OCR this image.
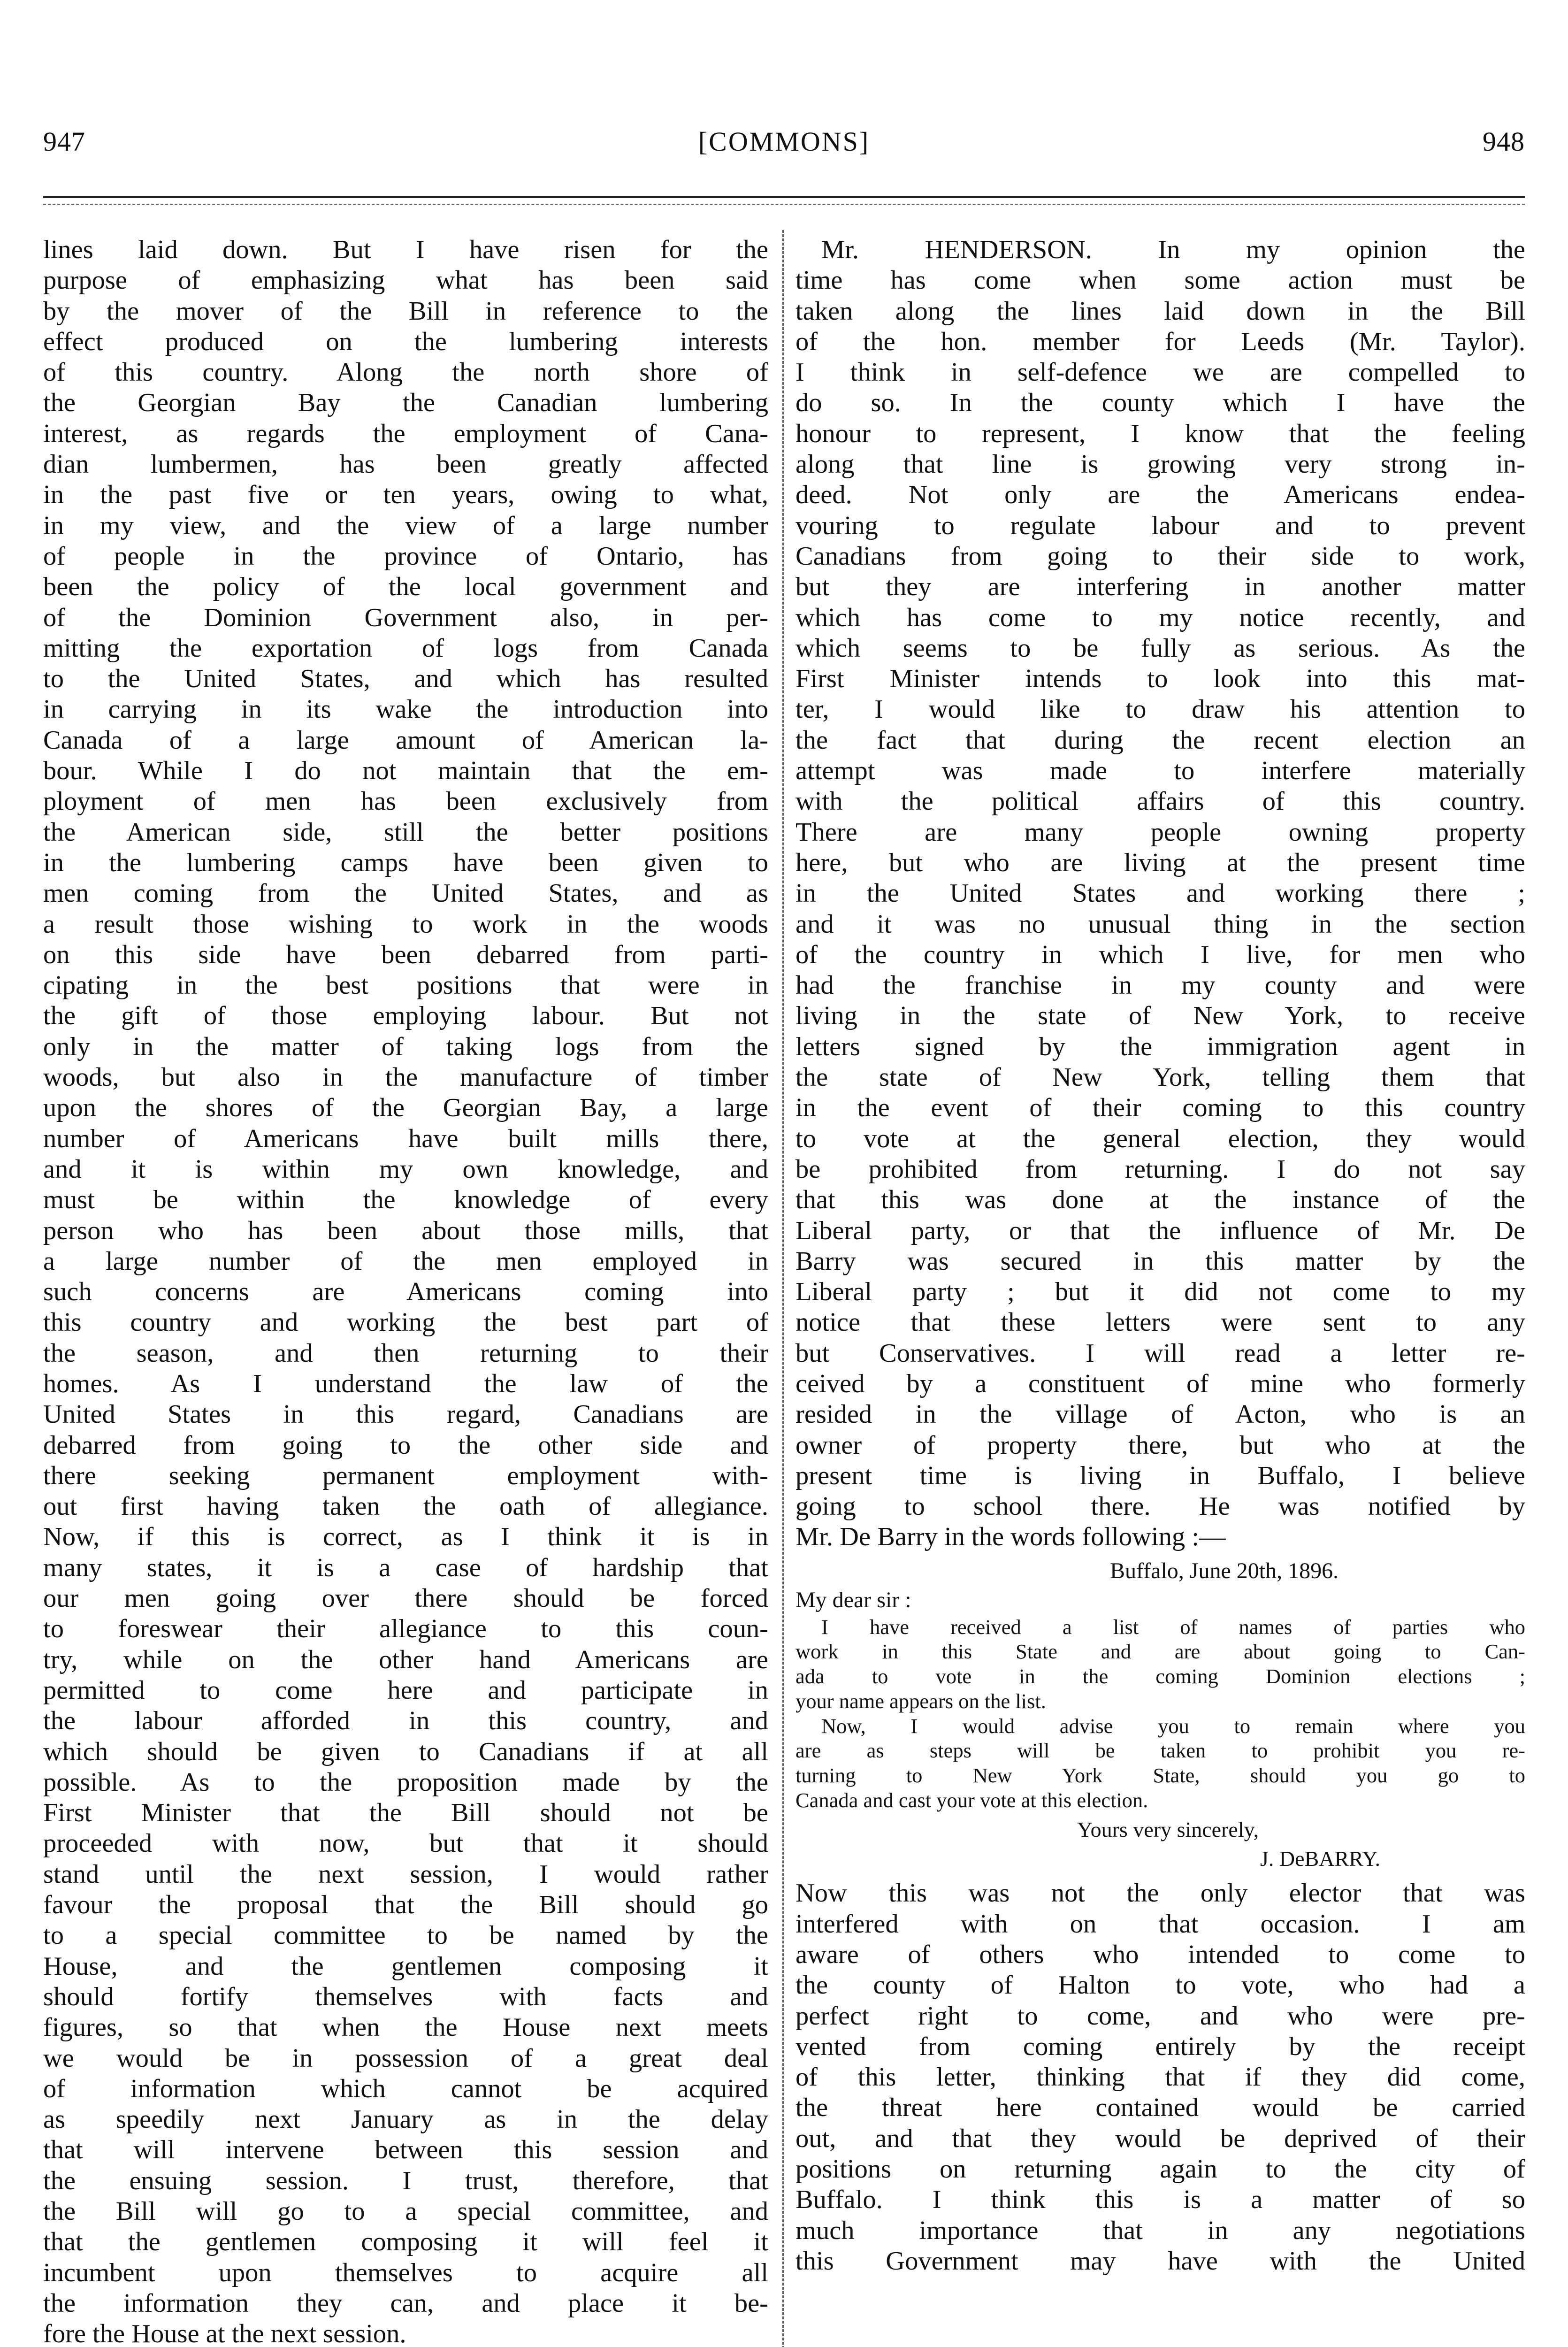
947	[COMMONS]	948

lines laid down. But I have risen for the

purpose of emphasizing what has been said

by the mover of the Bill in reference to the

effect produced on the lumbering interests

of this country. Along the north shore of

the Georgian Bay the Canadian lumbering

interest, as regards the employment of Cana-

dian lumbermen, has been greatly affected

in the past five or ten years, owing to what,

in my view, and the view of a large number

of people in the province of Ontario, has

been the policy of the local government and

of the Dominion Government also, in per-

mitting the exportation of logs from Canada

to the United States, and which has resulted

in carrying in its wake the introduction into

Canada of a large amount of American la-

bour. While I do not maintain that the em-

ployment of men has been exclusively from

the American side, still the better positions

in the lumbering camps have been given to

men coming from the United States, and as

a result those wishing to work in the woods

on this side have been debarred from parti-

cipating in the best positions that were in

the gift of those employing labour. But not

only in the matter of taking logs from the

woods, but also in the manufacture of timber

upon the shores of the Georgian Bay, a large

number of Americans have built mills there,

and it is within my own knowledge, and

must be within the knowledge of every

person who has been about those mills, that

a large number of the men employed in

such concerns are Americans coming into

this country and working the best part of

the season, and then returning to their

homes. As I understand the law of the

United States in this regard, Canadians are

debarred from going to the other side and

there seeking permanent employment with-

out first having taken the oath of allegiance.

Now, if this is correct, as I think it is in

many states, it is a case of hardship that

our men going over there should be forced

to foreswear their allegiance to this coun-

try, while on the other hand Americans are

permitted to come here and participate in

the labour afforded in this country, and

which should be given to Canadians if at all

possible. As to the proposition made by the

First Minister that the Bill should not be

proceeded with now, but that it should

stand until the next session, I would rather

favour the proposal that the Bill should go

to a special committee to be named by the

House, and the gentlemen composing it

should fortify themselves with facts and

figures, so that when the House next meets

we would be in possession of a great deal

of information which cannot be acquired

as speedily next January as in the delay

that will intervene between this session and

the ensuing session. I trust, therefore, that

the Bill will go to a special committee, and

that the gentlemen composing it will feel it

incumbent upon themselves to acquire all

the information they can, and place it be-

fore the House at the next session.

Mr. HENDERSON. In my opinion the

time has come when some action must be

taken along the lines laid down in the Bill

of the hon. member for Leeds (Mr. Taylor).

I think in self-defence we are compelled to

do so. In the county which I have the

honour to represent, I know that the feeling

along that line is growing very strong in-

deed. Not only are the Americans endea-

vouring to regulate labour and to prevent

Canadians from going to their side to work,

but they are interfering in another matter

which has come to my notice recently, and

which seems to be fully as serious. As the

First Minister intends to look into this mat-

ter, I would like to draw his attention to

the fact that during the recent election an

attempt was made to interfere materially

with the political affairs of this country.

There are many people owning property

here, but who are living at the present time

in the United States and working there ;

and it was no unusual thing in the section

of the country in which I live, for men who

had the franchise in my county and were

living in the state of New York, to receive

letters signed by the immigration agent in

the state of New York, telling them that

in the event of their coming to this country

to vote at the general election, they would

be prohibited from returning. I do not say

that this was done at the instance of the

Liberal party, or that the influence of Mr. De

Barry was secured in this matter by the

Liberal party ; but it did not come to my

notice that these letters were sent to any

but Conservatives. I will read a letter re-

ceived by a constituent of mine who formerly

resided in the village of Acton, who is an

owner of property there, but who at the

present time is living in Buffalo, I believe

going to school there. He was notified by

Mr. De Barry in the words following :—

Buffalo, June 20th, 1896.

My dear sir :

I have received a list of names of parties who

work in this State and are about going to Can-

ada to vote in the coming Dominion elections ;

your name appears on the list.

Now, I would advise you to remain where you

are as steps will be taken to prohibit you re-

turning to New York State, should you go to

Canada and cast your vote at this election.

Yours very sincerely,

J. DeBARRY.

Now this was not the only elector that was

interfered with on that occasion. I am

aware of others who intended to come to

the county of Halton to vote, who had a

perfect right to come, and who were pre-

vented from coming entirely by the receipt

of this letter, thinking that if they did come,

the threat here contained would be carried

out, and that they would be deprived of their

positions on returning again to the city of

Buffalo. I think this is a matter of so

much importance that in any negotiations

this Government may have with the United
